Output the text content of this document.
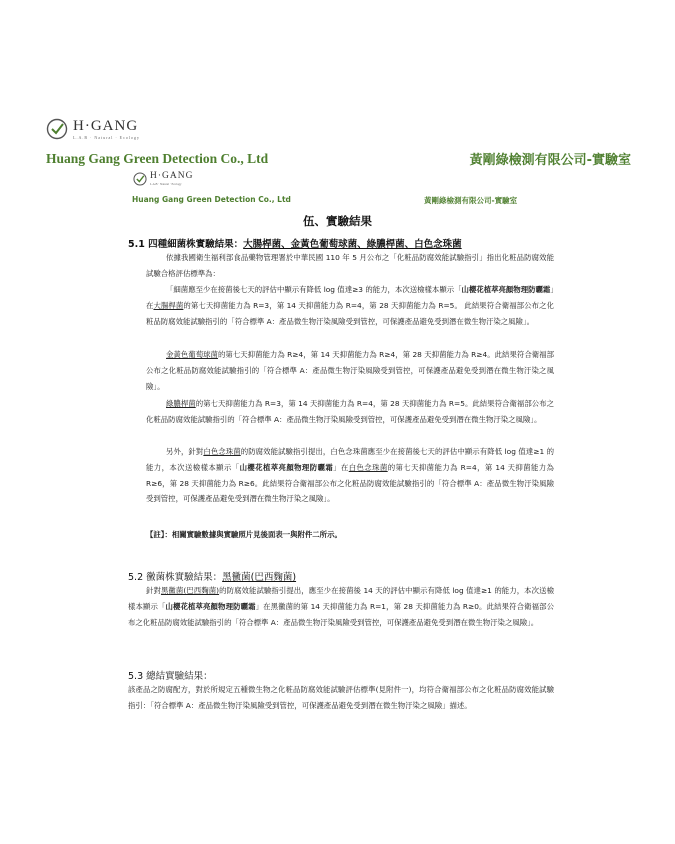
H·GANG
L.A.B · Natural · Ecology
Huang Gang Green Detection Co., Ltd	黃剛綠檢測有限公司-實驗室
H·GANG
L.A.B · Natural · Ecology
Huang Gang Green Detection Co., Ltd	黃剛綠檢測有限公司-實驗室
伍、實驗結果
5.1 四種細菌株實驗結果：大腸桿菌、金黃色葡萄球菌、綠膿桿菌、白色念珠菌
依據我國衛生福利部食品藥物管理署於中華民國 110 年 5 月公布之「化粧品防腐效能試驗指引」指出化粧品防腐效能試驗合格評估標準為：
「細菌應至少在接菌後七天的評估中顯示有降低 log 值達≥3 的能力，本次送檢樣本顯示「山櫻花植萃亮顏物理防曬霜」在大腸桿菌的第七天抑菌能力為 R=3，第 14 天抑菌能力為 R=4，第 28 天抑菌能力為 R=5。 此結果符合衛福部公布之化粧品防腐效能試驗指引的「符合標準 A：產品微生物汙染風險受到管控，可保護產品避免受到潛在微生物汙染之風險」。
金黃色葡萄球菌的第七天抑菌能力為 R≥4，第 14 天抑菌能力為 R≥4，第 28 天抑菌能力為 R≥4。此結果符合衛福部公布之化粧品防腐效能試驗指引的「符合標準 A：產品微生物汙染風險受到管控，可保護產品避免受到潛在微生物汙染之風險」。
綠膿桿菌的第七天抑菌能力為 R=3，第 14 天抑菌能力為 R=4，第 28 天抑菌能力為 R=5。此結果符合衛福部公布之化粧品防腐效能試驗指引的「符合標準 A：產品微生物汙染風險受到管控，可保護產品避免受到潛在微生物汙染之風險」。
另外，針對白色念珠菌的防腐效能試驗指引提出，白色念珠菌應至少在接菌後七天的評估中顯示有降低 log 值達≥1 的能力，本次送檢樣本顯示「山櫻花植萃亮顏物理防曬霜」在白色念珠菌的第七天抑菌能力為 R=4，第 14 天抑菌能力為 R≥6，第 28 天抑菌能力為 R≥6。此結果符合衛福部公布之化粧品防腐效能試驗指引的「符合標準 A：產品微生物汙染風險受到管控，可保護產品避免受到潛在微生物汙染之風險」。
【註】：相關實驗數據與實驗照片見後面表一與附件二所示。
5.2 黴菌株實驗結果：黑黴菌(巴西麴菌)
針對黑黴菌(巴西麴菌)的防腐效能試驗指引提出，應至少在接菌後 14 天的評估中顯示有降低 log 值達≥1 的能力，本次送檢樣本顯示「山櫻花植萃亮顏物理防曬霜」在黑黴菌的第 14 天抑菌能力為 R=1，第 28 天抑菌能力為 R≥0。此結果符合衛福部公布之化粧品防腐效能試驗指引的「符合標準 A：產品微生物汙染風險受到管控，可保護產品避免受到潛在微生物汙染之風險」。
5.3 總結實驗結果：
該產品之防腐配方，對於所規定五種微生物之化粧品防腐效能試驗評估標準(見附件一)，均符合衛福部公布之化粧品防腐效能試驗指引：「符合標準 A：產品微生物汙染風險受到管控，可保護產品避免受到潛在微生物汙染之風險」描述。
